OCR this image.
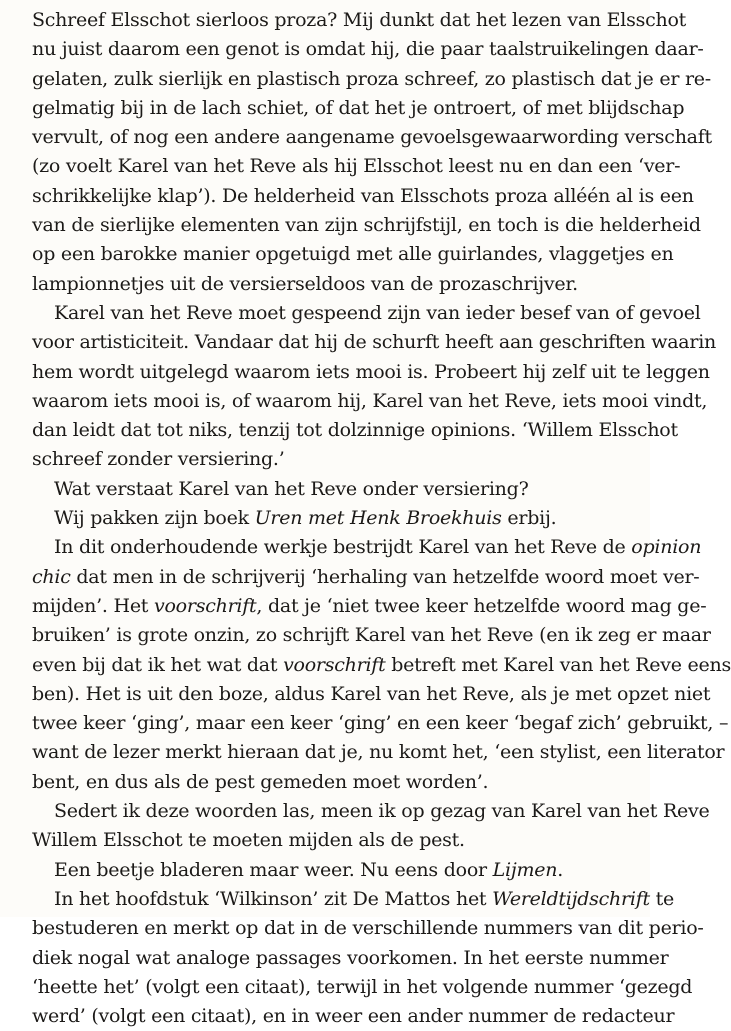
Schreef Elsschot sierloos proza? Mij dunkt dat het lezen van Elsschot
nu juist daarom een genot is omdat hij, die paar taalstruikelingen daar-
gelaten, zulk sierlijk en plastisch proza schreef, zo plastisch dat je er re-
gelmatig bij in de lach schiet, of dat het je ontroert, of met blijdschap
vervult, of nog een andere aangename gevoelsgewaarwording verschaft
(zo voelt Karel van het Reve als hij Elsschot leest nu en dan een ‘ver-
schrikkelijke klap’). De helderheid van Elsschots proza alléén al is een
van de sierlijke elementen van zijn schrijfstijl, en toch is die helderheid
op een barokke manier opgetuigd met alle guirlandes, vlaggetjes en
lampionnetjes uit de versierseldoos van de prozaschrijver.
Karel van het Reve moet gespeend zijn van ieder besef van of gevoel
voor artisticiteit. Vandaar dat hij de schurft heeft aan geschriften waarin
hem wordt uitgelegd waarom iets mooi is. Probeert hij zelf uit te leggen
waarom iets mooi is, of waarom hij, Karel van het Reve, iets mooi vindt,
dan leidt dat tot niks, tenzij tot dolzinnige opinions. ‘Willem Elsschot
schreef zonder versiering.’
Wat verstaat Karel van het Reve onder versiering?
Wij pakken zijn boek Uren met Henk Broekhuis erbij.
In dit onderhoudende werkje bestrijdt Karel van het Reve de opinion
chic dat men in de schrijverij ‘herhaling van hetzelfde woord moet ver-
mijden’. Het voorschrift, dat je ‘niet twee keer hetzelfde woord mag ge-
bruiken’ is grote onzin, zo schrijft Karel van het Reve (en ik zeg er maar
even bij dat ik het wat dat voorschrift betreft met Karel van het Reve eens
ben). Het is uit den boze, aldus Karel van het Reve, als je met opzet niet
twee keer ‘ging’, maar een keer ‘ging’ en een keer ‘begaf zich’ gebruikt, –
want de lezer merkt hieraan dat je, nu komt het, ‘een stylist, een literator
bent, en dus als de pest gemeden moet worden’.
Sedert ik deze woorden las, meen ik op gezag van Karel van het Reve
Willem Elsschot te moeten mijden als de pest.
Een beetje bladeren maar weer. Nu eens door Lijmen.
In het hoofdstuk ‘Wilkinson’ zit De Mattos het Wereldtijdschrift te
bestuderen en merkt op dat in de verschillende nummers van dit perio-
diek nogal wat analoge passages voorkomen. In het eerste nummer
‘heette het’ (volgt een citaat), terwijl in het volgende nummer ‘gezegd
werd’ (volgt een citaat), en in weer een ander nummer de redacteur
